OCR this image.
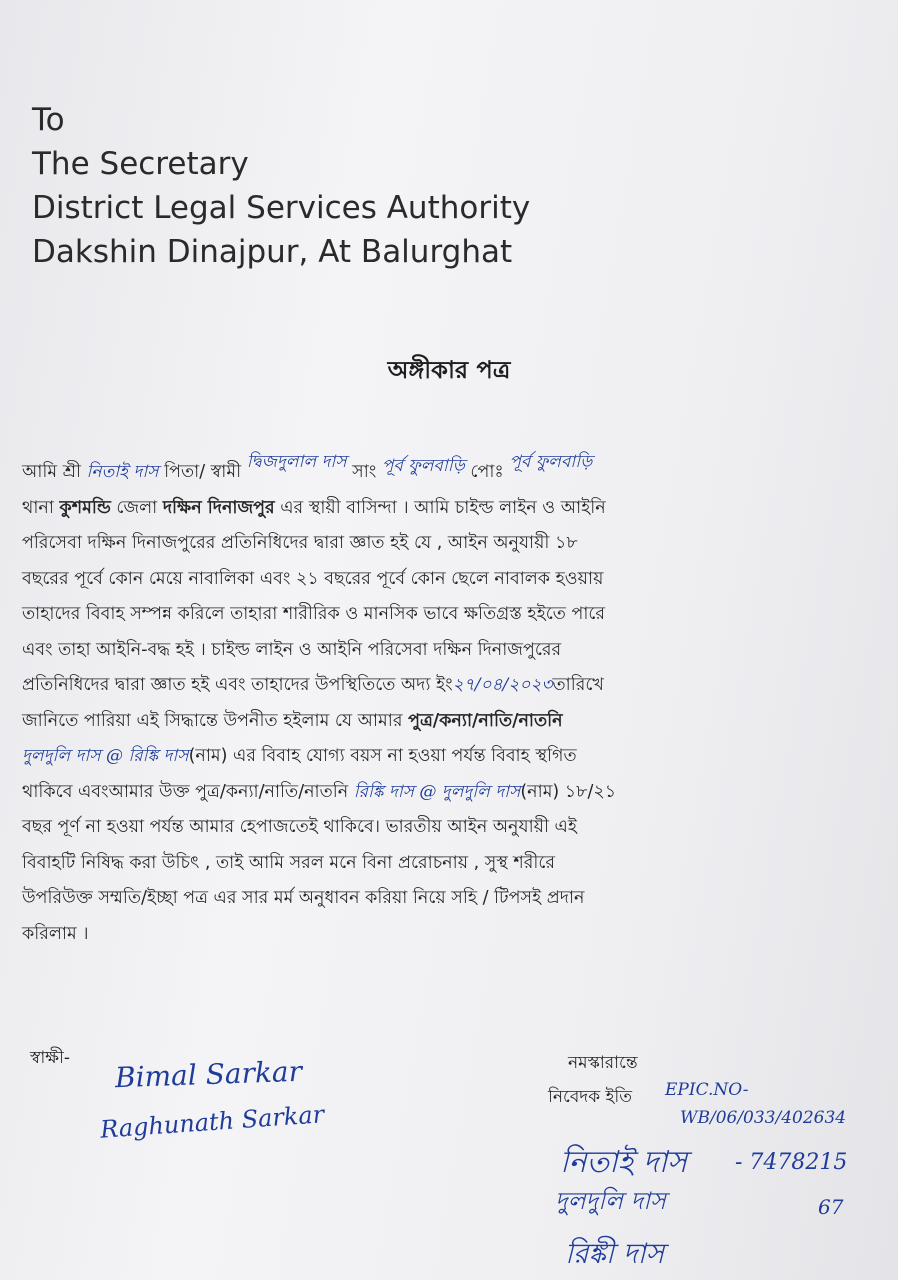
To
The Secretary
District Legal Services Authority
Dakshin Dinajpur, At Balurghat
অঙ্গীকার পত্র
আমি শ্রী নিতাই দাস পিতা/ স্বামী দ্বিজদুলাল দাস সাং পূর্ব ফুলবাড়ি পোঃ পূর্ব ফুলবাড়ি
থানা কুশমন্ডি জেলা দক্ষিন দিনাজপুর এর স্থায়ী বাসিন্দা । আমি চাইল্ড লাইন ও আইনি
পরিসেবা দক্ষিন দিনাজপুরের প্রতিনিধিদের দ্বারা জ্ঞাত হই যে , আইন অনুযায়ী ১৮
বছরের পূর্বে কোন মেয়ে নাবালিকা এবং ২১ বছরের পূর্বে কোন ছেলে নাবালক হওয়ায়
তাহাদের বিবাহ সম্পন্ন করিলে তাহারা শারীরিক ও মানসিক ভাবে ক্ষতিগ্রস্ত হইতে পারে
এবং তাহা আইনি-বদ্ধ হই । চাইল্ড লাইন ও আইনি পরিসেবা দক্ষিন দিনাজপুরের
প্রতিনিধিদের দ্বারা জ্ঞাত হই এবং তাহাদের উপস্থিতিতে অদ্য ইং২৭/০৪/২০২৩তারিখে
জানিতে পারিয়া এই সিদ্ধান্তে উপনীত হইলাম যে আমার পুত্র/কন্যা/নাতি/নাতনি
দুলদুলি দাস @ রিঙ্কি দাস(নাম) এর বিবাহ যোগ্য বয়স না হওয়া পর্যন্ত বিবাহ স্থগিত
থাকিবে এবংআমার উক্ত পুত্র/কন্যা/নাতি/নাতনি রিঙ্কি দাস @ দুলদুলি দাস(নাম) ১৮/২১
বছর পূর্ণ না হওয়া পর্যন্ত আমার হেপাজতেই থাকিবে। ভারতীয় আইন অনুযায়ী এই
বিবাহটি নিষিদ্ধ করা উচিৎ , তাই আমি সরল মনে বিনা প্ররোচনায় , সুস্থ শরীরে
উপরিউক্ত সম্মতি/ইচ্ছা পত্র এর সার মর্ম অনুধাবন করিয়া নিয়ে সহি / টিপসই প্রদান
করিলাম ।
স্বাক্ষী- Bimal Sarkar
Raghunath Sarkar
নমস্কারান্তে
নিবেদক ইতি EPIC.NO-
WB/06/033/402634
নিতাই দাস - 7478215
দুলদুলি দাস	67
রিঙ্কী দাস
